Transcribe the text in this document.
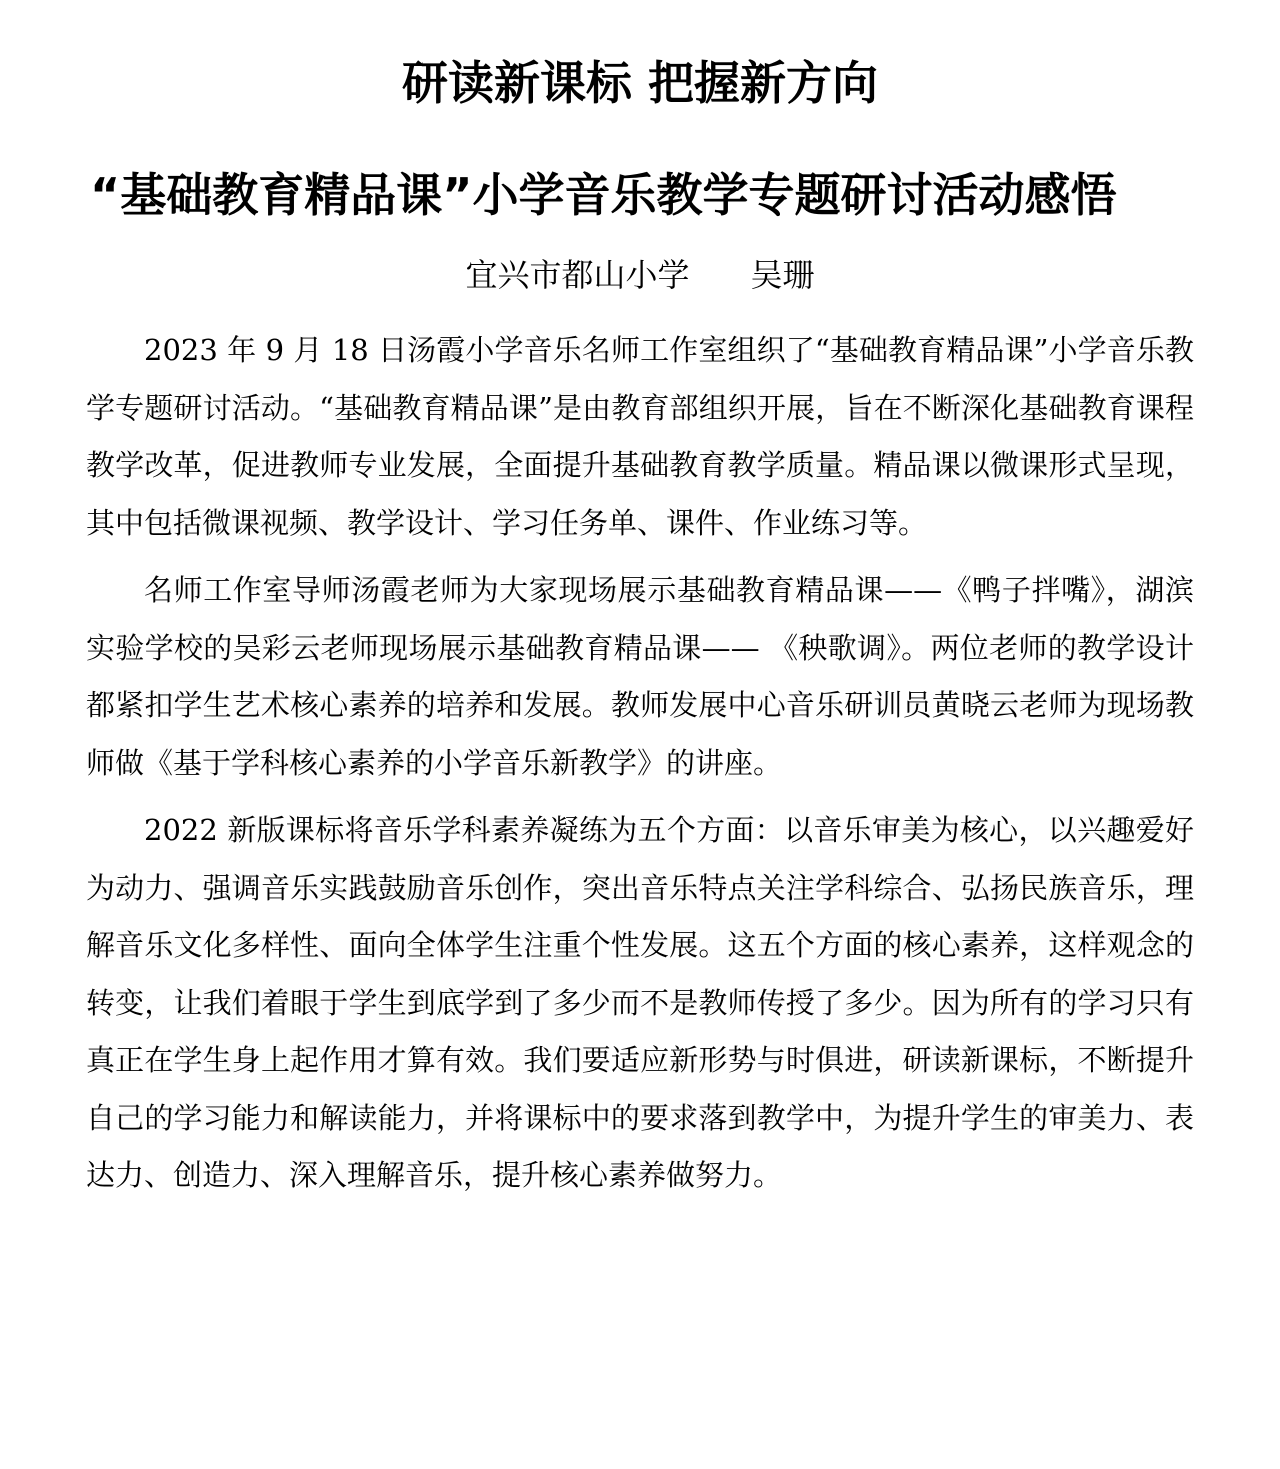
研读新课标 把握新方向
“基础教育精品课”小学音乐教学专题研讨活动感悟
宜兴市都山小学      吴珊

2023 年 9 月 18 日汤霞小学音乐名师工作室组织了“基础教育精品课”小学音乐教学专题研讨活动。“基础教育精品课”是由教育部组织开展，旨在不断深化基础教育课程教学改革，促进教师专业发展，全面提升基础教育教学质量。精品课以微课形式呈现，其中包括微课视频、教学设计、学习任务单、课件、作业练习等。

名师工作室导师汤霞老师为大家现场展示基础教育精品课——《鸭子拌嘴》，湖滨实验学校的吴彩云老师现场展示基础教育精品课—— 《秧歌调》。两位老师的教学设计都紧扣学生艺术核心素养的培养和发展。教师发展中心音乐研训员黄晓云老师为现场教师做《基于学科核心素养的小学音乐新教学》的讲座。

2022 新版课标将音乐学科素养凝练为五个方面：以音乐审美为核心，以兴趣爱好为动力、强调音乐实践鼓励音乐创作，突出音乐特点关注学科综合、弘扬民族音乐，理解音乐文化多样性、面向全体学生注重个性发展。这五个方面的核心素养，这样观念的转变，让我们着眼于学生到底学到了多少而不是教师传授了多少。因为所有的学习只有真正在学生身上起作用才算有效。我们要适应新形势与时俱进，研读新课标，不断提升自己的学习能力和解读能力，并将课标中的要求落到教学中，为提升学生的审美力、表达力、创造力、深入理解音乐，提升核心素养做努力。
